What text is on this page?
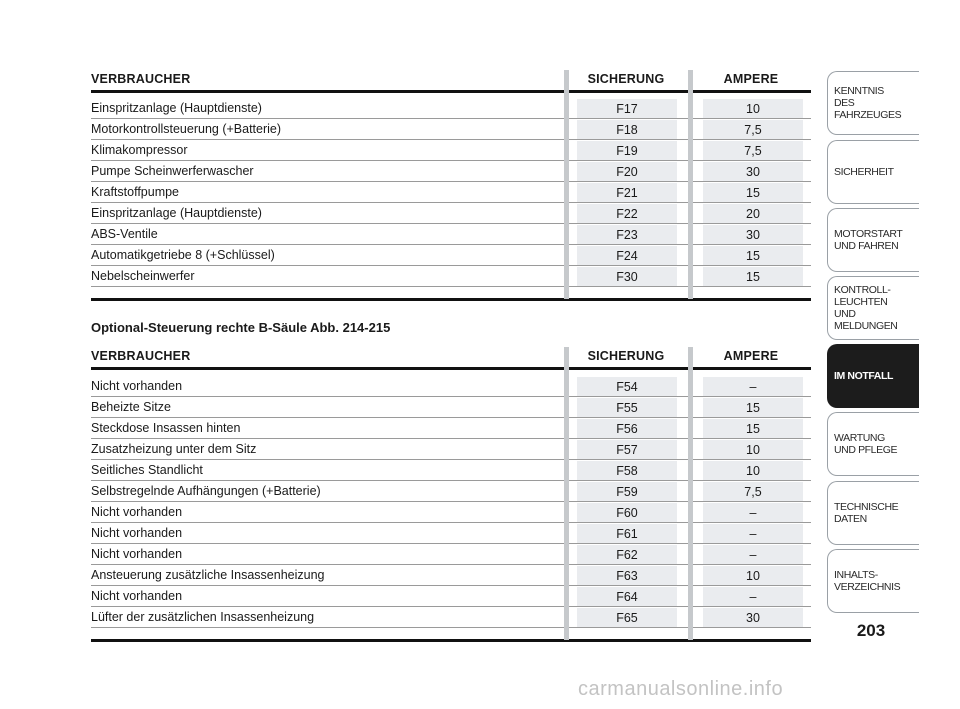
VERBRAUCHER	SICHERUNG	AMPERE
Einspritzanlage (Hauptdienste)	F17	10
Motorkontrollsteuerung (+Batterie)	F18	7,5
Klimakompressor	F19	7,5
Pumpe Scheinwerferwascher	F20	30
Kraftstoffpumpe	F21	15
Einspritzanlage (Hauptdienste)	F22	20
ABS-Ventile	F23	30
Automatikgetriebe 8 (+Schlüssel)	F24	15
Nebelscheinwerfer	F30	15
Optional-Steuerung rechte B-Säule Abb. 214-215
VERBRAUCHER	SICHERUNG	AMPERE
Nicht vorhanden	F54	–
Beheizte Sitze	F55	15
Steckdose Insassen hinten	F56	15
Zusatzheizung unter dem Sitz	F57	10
Seitliches Standlicht	F58	10
Selbstregelnde Aufhängungen (+Batterie)	F59	7,5
Nicht vorhanden	F60	–
Nicht vorhanden	F61	–
Nicht vorhanden	F62	–
Ansteuerung zusätzliche Insassenheizung	F63	10
Nicht vorhanden	F64	–
Lüfter der zusätzlichen Insassenheizung	F65	30
KENNTNIS
DES FAHRZEUGES
SICHERHEIT
MOTORSTART
UND FAHREN
KONTROLL-
LEUCHTEN
UND MELDUNGEN
IM NOTFALL
WARTUNG
UND PFLEGE
TECHNISCHE
DATEN
INHALTS-
VERZEICHNIS
203
carmanualsonline.info
